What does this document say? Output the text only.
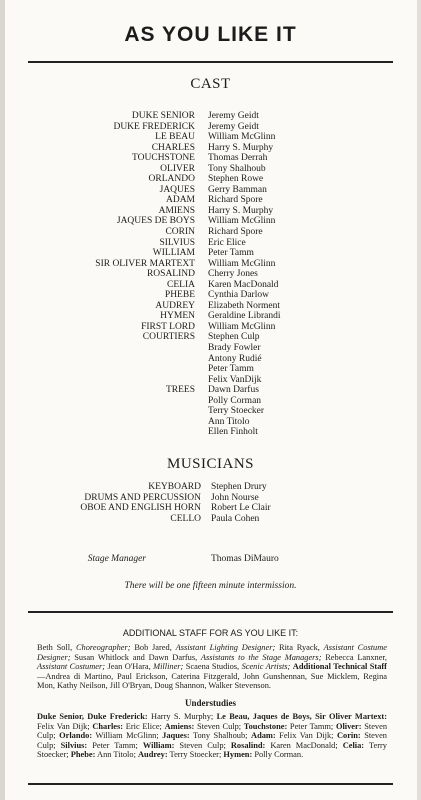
AS YOU LIKE IT
CAST
DUKE SENIOR Jeremy Geidt
DUKE FREDERICK Jeremy Geidt
LE BEAU William McGlinn
CHARLES Harry S. Murphy
TOUCHSTONE Thomas Derrah
OLIVER Tony Shalhoub
ORLANDO Stephen Rowe
JAQUES Gerry Bamman
ADAM Richard Spore
AMIENS Harry S. Murphy
JAQUES DE BOYS William McGlinn
CORIN Richard Spore
SILVIUS Eric Elice
WILLIAM Peter Tamm
SIR OLIVER MARTEXT William McGlinn
ROSALIND Cherry Jones
CELIA Karen MacDonald
PHEBE Cynthia Darlow
AUDREY Elizabeth Norment
HYMEN Geraldine Librandi
FIRST LORD William McGlinn
COURTIERS Stephen Culp
Brady Fowler
Antony Rudié
Peter Tamm
Felix VanDijk
TREES Dawn Darfus
Polly Corman
Terry Stoecker
Ann Titolo
Ellen Finholt
MUSICIANS
KEYBOARD Stephen Drury
DRUMS AND PERCUSSION John Nourse
OBOE AND ENGLISH HORN Robert Le Clair
CELLO Paula Cohen
Stage Manager	Thomas DiMauro
There will be one fifteen minute intermission.
ADDITIONAL STAFF FOR AS YOU LIKE IT:
Beth Soll, Choreographer; Bob Jared, Assistant Lighting Designer; Rita Ryack, Assistant Costume Designer; Susan Whitlock and Dawn Darfus, Assistants to the Stage Managers; Rebecca Lanxner, Assistant Costumer; Jean O'Hara, Milliner; Scaena Studios, Scenic Artists; Additional Technical Staff—Andrea di Martino, Paul Erickson, Caterina Fitzgerald, John Gunshennan, Sue Micklem, Regina Mon, Kathy Neilson, Jill O'Bryan, Doug Shannon, Walker Stevenson.
Understudies
Duke Senior, Duke Frederick: Harry S. Murphy; Le Beau, Jaques de Boys, Sir Oliver Martext: Felix Van Dijk; Charles: Eric Elice; Amiens: Steven Culp; Touchstone: Peter Tamm; Oliver: Steven Culp; Orlando: William McGlinn; Jaques: Tony Shalhoub; Adam: Felix Van Dijk; Corin: Steven Culp; Silvius: Peter Tamm; William: Steven Culp; Rosalind: Karen MacDonald; Celia: Terry Stoecker; Phebe: Ann Titolo; Audrey: Terry Stoecker; Hymen: Polly Corman.
